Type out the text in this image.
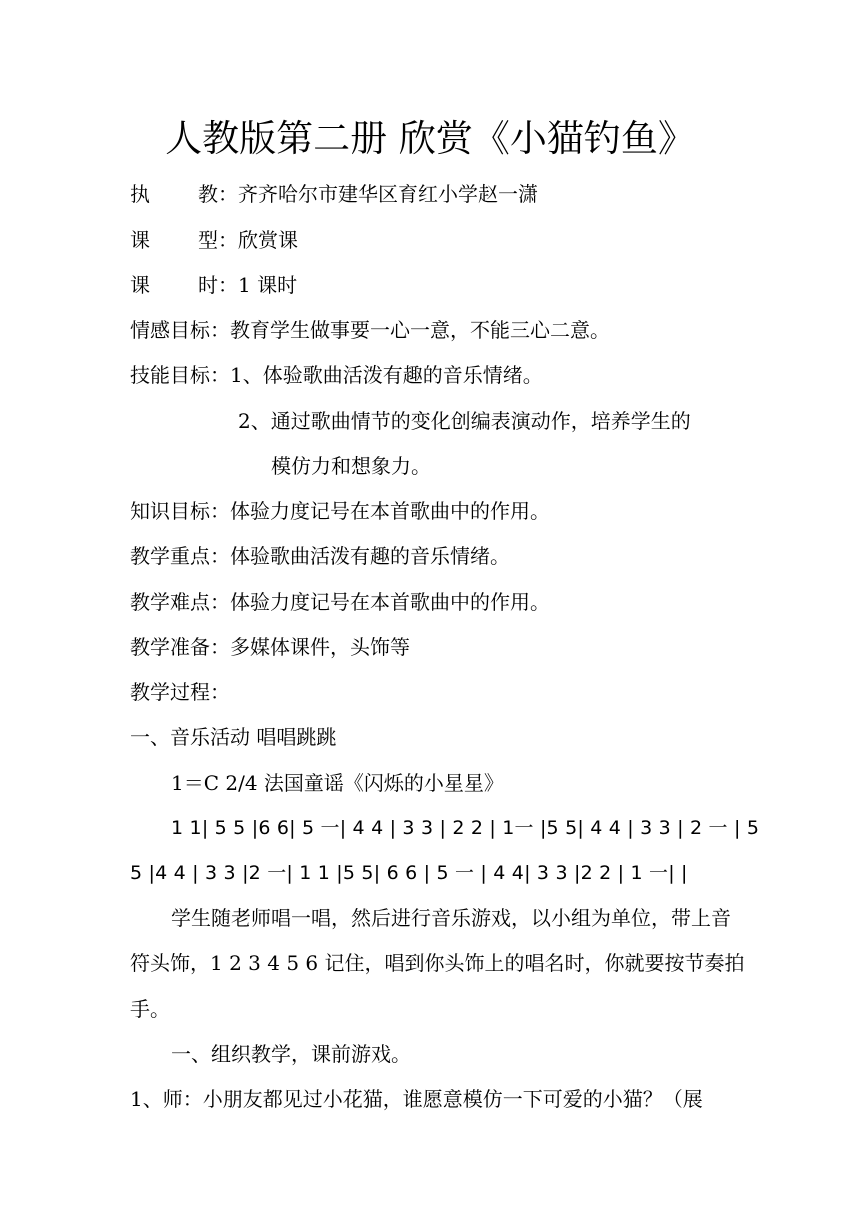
人教版第二册 欣赏《小猫钓鱼》
执 教：齐齐哈尔市建华区育红小学赵一潇
课 型：欣赏课
课 时：1 课时
情感目标：教育学生做事要一心一意，不能三心二意。
技能目标：1、体验歌曲活泼有趣的音乐情绪。
2、通过歌曲情节的变化创编表演动作，培养学生的
模仿力和想象力。
知识目标：体验力度记号在本首歌曲中的作用。
教学重点：体验歌曲活泼有趣的音乐情绪。
教学难点：体验力度记号在本首歌曲中的作用。
教学准备：多媒体课件，头饰等
教学过程：
一、音乐活动 唱唱跳跳
1＝C 2/4 法国童谣《闪烁的小星星》
1 1| 5 5 |6 6| 5 一| 4 4 | 3 3 | 2 2 | 1一 |5 5| 4 4 | 3 3 | 2 一 | 5
5 |4 4 | 3 3 |2 一| 1 1 |5 5| 6 6 | 5 一 | 4 4| 3 3 |2 2 | 1 一| |
学生随老师唱一唱，然后进行音乐游戏，以小组为单位，带上音
符头饰，1 2 3 4 5 6 记住，唱到你头饰上的唱名时，你就要按节奏拍
手。
一、组织教学，课前游戏。
1、师：小朋友都见过小花猫，谁愿意模仿一下可爱的小猫？（展
